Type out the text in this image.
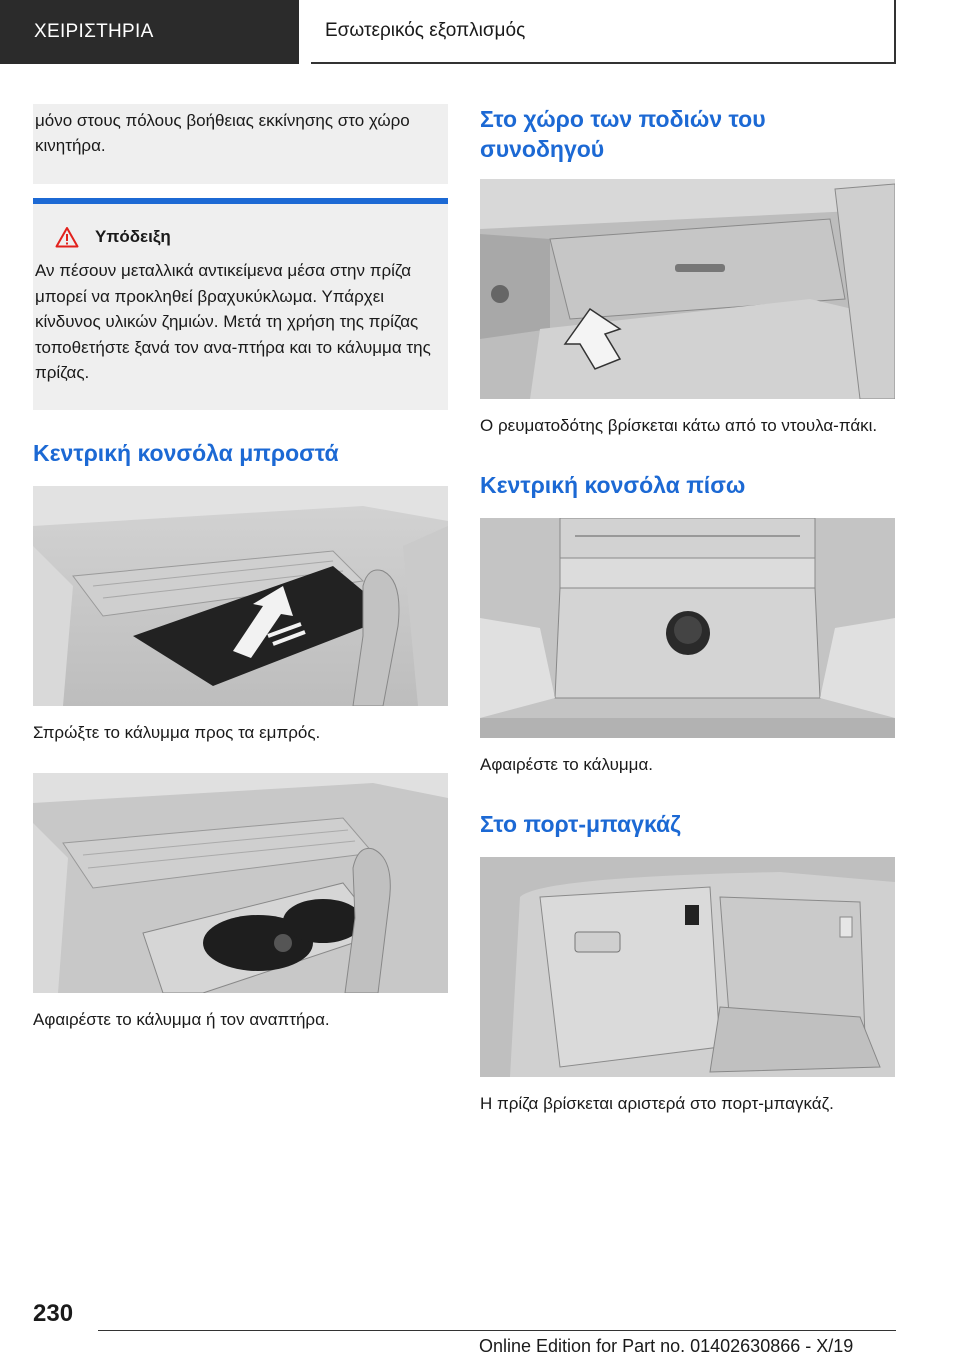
ΧΕΙΡΙΣΤΗΡΙΑ	Εσωτερικός εξοπλισμός
μόνο στους πόλους βοήθειας εκκίνησης στο χώρο κινητήρα.
Υπόδειξη
Αν πέσουν μεταλλικά αντικείμενα μέσα στην πρίζα μπορεί να προκληθεί βραχυκύκλωμα. Υπάρχει κίνδυνος υλικών ζημιών. Μετά τη χρήση της πρίζας τοποθετήστε ξανά τον ανα-πτήρα και το κάλυμμα της πρίζας.
Κεντρική κονσόλα μπροστά
Σπρώξτε το κάλυμμα προς τα εμπρός.
Αφαιρέστε το κάλυμμα ή τον αναπτήρα.
Στο χώρο των ποδιών του συνοδηγού
Ο ρευματοδότης βρίσκεται κάτω από το ντουλα-πάκι.
Κεντρική κονσόλα πίσω
Αφαιρέστε το κάλυμμα.
Στο πορτ-μπαγκάζ
Η πρίζα βρίσκεται αριστερά στο πορτ-μπαγκάζ.
230
Online Edition for Part no. 01402630866 - X/19
